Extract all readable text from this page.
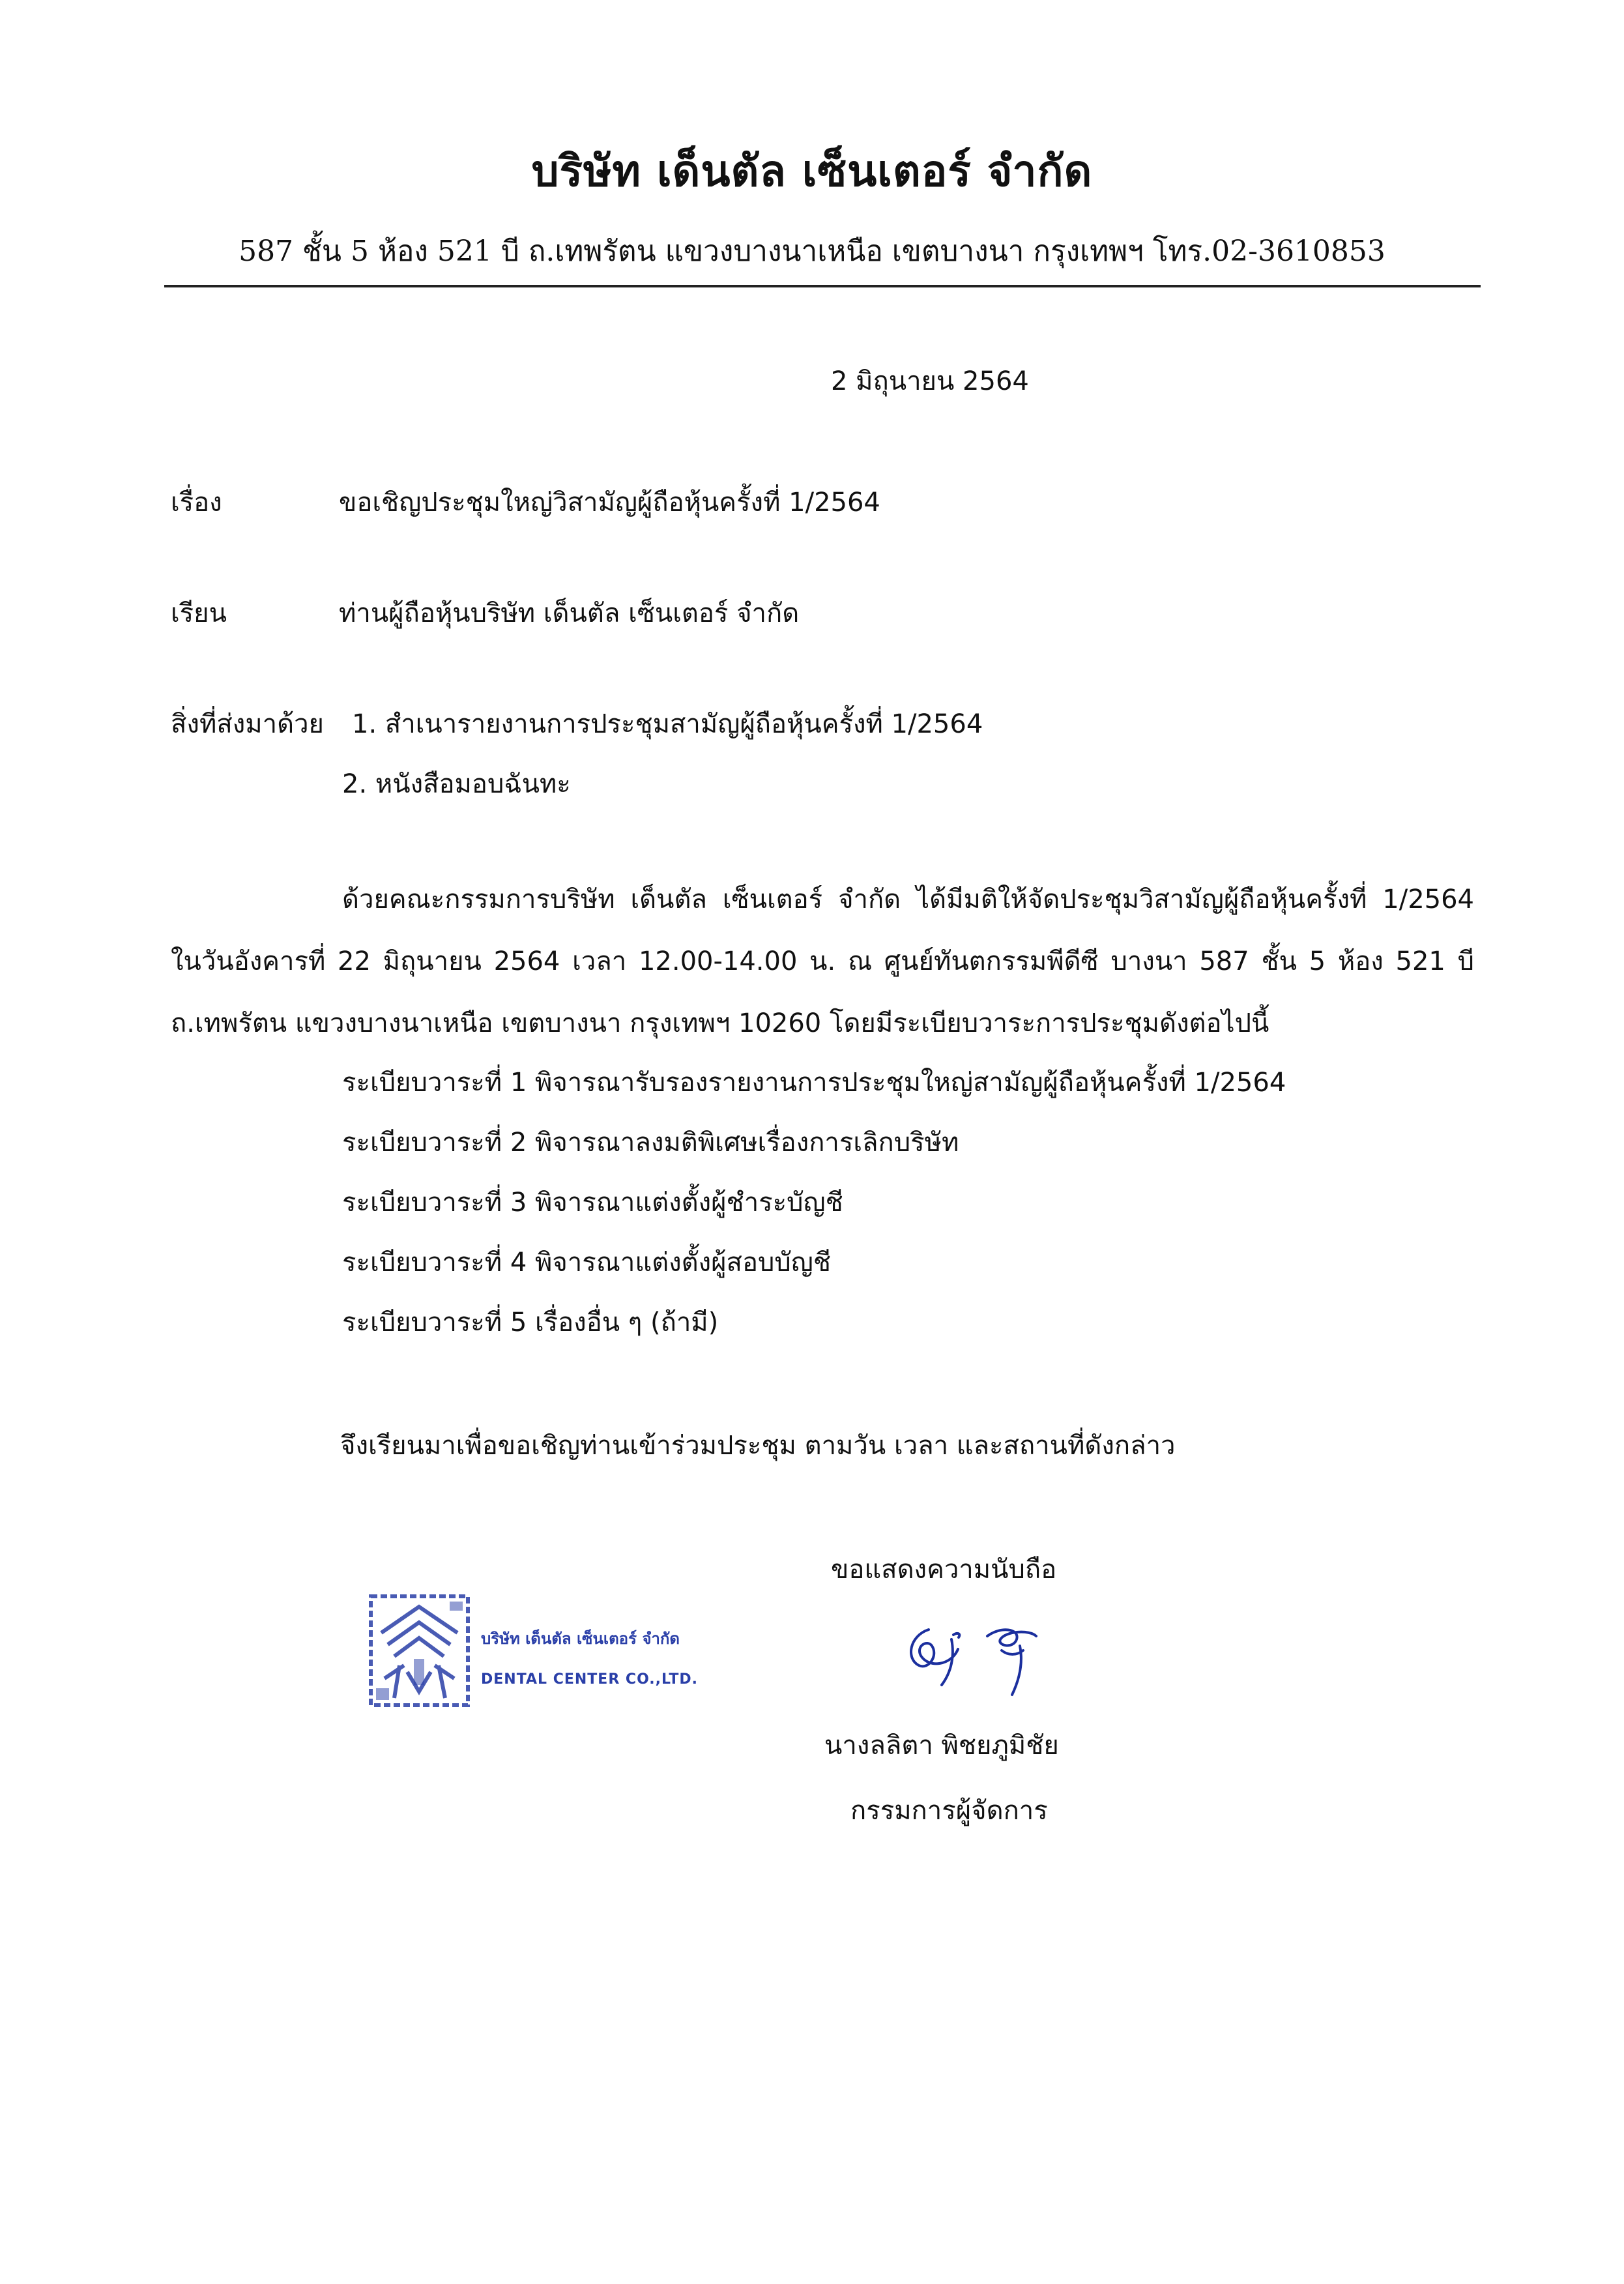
บริษัท เด็นตัล เซ็นเตอร์ จำกัด
587 ชั้น 5 ห้อง 521 บี ถ.เทพรัตน แขวงบางนาเหนือ เขตบางนา กรุงเทพฯ โทร.02-3610853
2 มิถุนายน 2564
เรื่อง	ขอเชิญประชุมใหญ่วิสามัญผู้ถือหุ้นครั้งที่ 1/2564
เรียน	ท่านผู้ถือหุ้นบริษัท เด็นตัล เซ็นเตอร์ จำกัด
สิ่งที่ส่งมาด้วย 1. สำเนารายงานการประชุมสามัญผู้ถือหุ้นครั้งที่ 1/2564
2. หนังสือมอบฉันทะ
ด้วยคณะกรรมการบริษัท เด็นตัล เซ็นเตอร์ จำกัด ได้มีมติให้จัดประชุมวิสามัญผู้ถือหุ้นครั้งที่ 1/2564 ในวันอังคารที่ 22 มิถุนายน 2564 เวลา 12.00-14.00 น. ณ ศูนย์ทันตกรรมพีดีซี บางนา 587 ชั้น 5 ห้อง 521 บี ถ.เทพรัตน แขวงบางนาเหนือ เขตบางนา กรุงเทพฯ 10260 โดยมีระเบียบวาระการประชุมดังต่อไปนี้
ระเบียบวาระที่ 1 พิจารณารับรองรายงานการประชุมใหญ่สามัญผู้ถือหุ้นครั้งที่ 1/2564
ระเบียบวาระที่ 2 พิจารณาลงมติพิเศษเรื่องการเลิกบริษัท
ระเบียบวาระที่ 3 พิจารณาแต่งตั้งผู้ชำระบัญชี
ระเบียบวาระที่ 4 พิจารณาแต่งตั้งผู้สอบบัญชี
ระเบียบวาระที่ 5 เรื่องอื่น ๆ (ถ้ามี)
จึงเรียนมาเพื่อขอเชิญท่านเข้าร่วมประชุม ตามวัน เวลา และสถานที่ดังกล่าว
ขอแสดงความนับถือ
บริษัท เด็นตัล เซ็นเตอร์ จำกัด
DENTAL CENTER CO.,LTD.
นางลลิตา พิชยภูมิชัย
กรรมการผู้จัดการ
